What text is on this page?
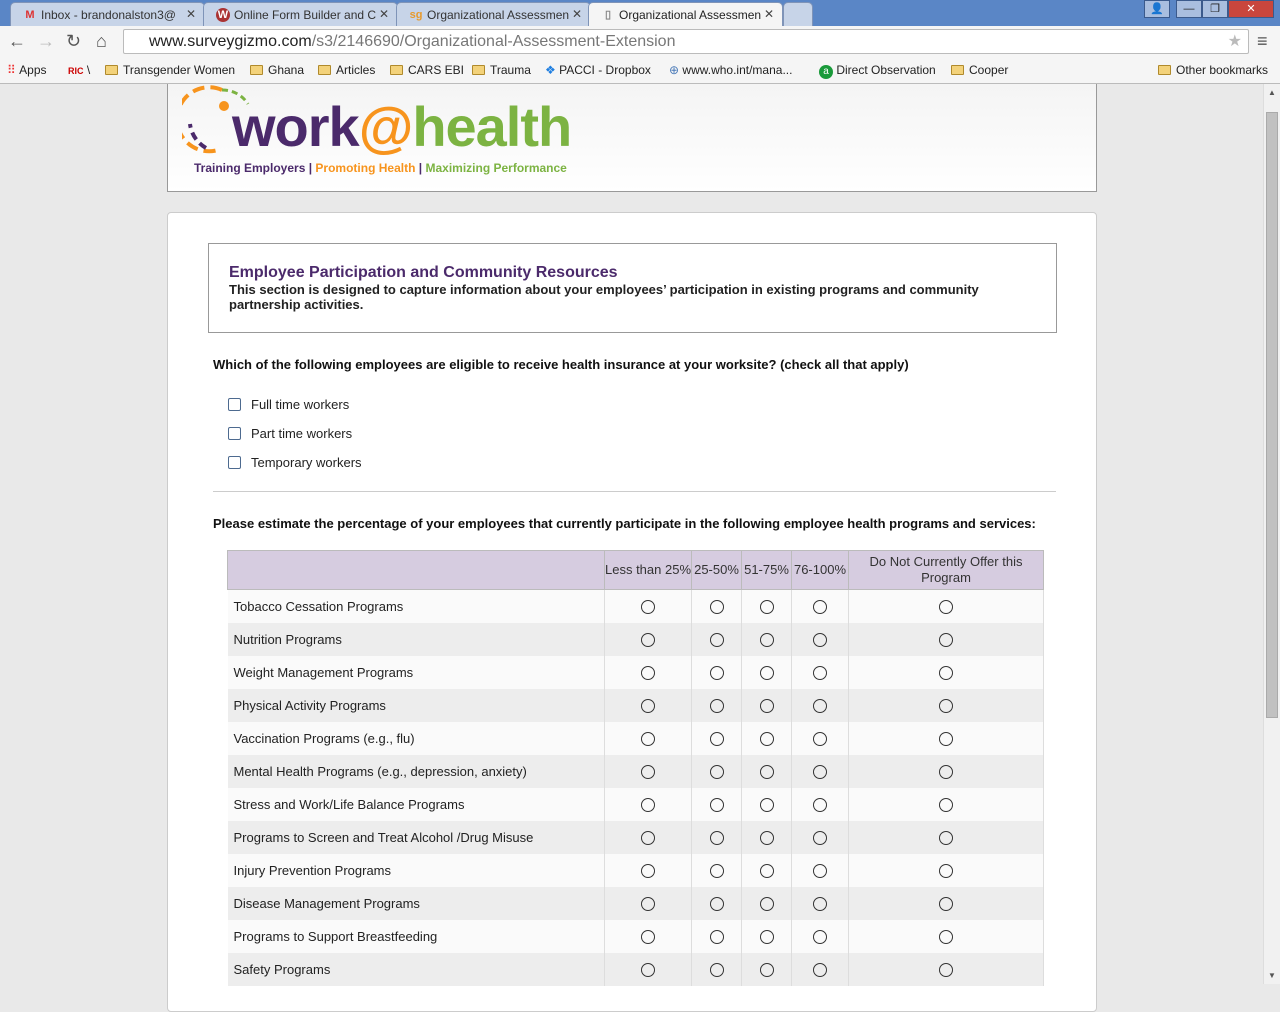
M Inbox - brandonalston3@ ✕ W Online Form Builder and C ✕ sg Organizational Assessmen ✕	▯ Organizational Assessmen ✕	👤	—	❐	✕
← → ↻ ⌂	www.surveygizmo.com/s3/2146690/Organizational-Assessment-Extension	★ ≡
⠿ Apps RIC \	Transgender Women	Ghana	Articles	CARS EBI	Trauma ❖ PACCI - Dropbox ⊕ www.who.int/mana...	a Direct Observation	Cooper	Other bookmarks
work@health
Training Employers | Promoting Health | Maximizing Performance
Employee Participation and Community Resources

This section is designed to capture information about your employees’ participation in existing programs and community partnership activities.

Which of the following employees are eligible to receive health insurance at your worksite? (check all that apply)
Full time workers
Part time workers
Temporary workers
Please estimate the percentage of your employees that currently participate in the following employee health programs and services:
	Less than 25%	25-50%	51-75%	76-100%	Do Not Currently Offer this Program
Tobacco Cessation Programs					
Nutrition Programs					
Weight Management Programs					
Physical Activity Programs					
Vaccination Programs (e.g., flu)					
Mental Health Programs (e.g., depression, anxiety)					
Stress and Work/Life Balance Programs					
Programs to Screen and Treat Alcohol /Drug Misuse					
Injury Prevention Programs					
Disease Management Programs					
Programs to Support Breastfeeding					
Safety Programs					
▲
▼
